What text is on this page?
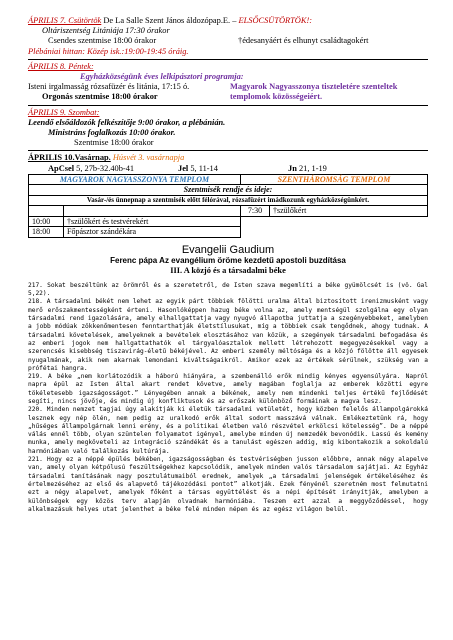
ÁPRILIS 7. Csütörtök De La Salle Szent János áldozópap.E. – ELSŐCSÜTÖRTÖK!:
Oltáriszentség Litániája 17:30 órakor
Csendes szentmise 18:00 órakor	†édesanyáért és elhunyt családtagokért
Plébániai hittan: Közép isk.:19:00-19:45 óráig.
ÁPRILIS 8. Péntek:
Egyházközségünk éves lelkipásztori programja:
Isteni irgalmasság rózsafüzér és litánia, 17:15 ó.
Orgonás szentmise 18:00 órakor
Magyarok Nagyasszonya tiszteletére szenteltek templomok közösségeiért.
ÁPRILIS 9. Szombat:
Leendő elsőáldozók felkészítője 9:00 órakor, a plébánián.
Ministráns foglalkozás 10:00 órakor.
Szentmise 18:00 órakor
ÁPRILIS 10.Vasárnap. Húsvét 3. vasárnapja
ApCsel 5, 27b-32.40b-41	Jel 5, 11-14	Jn 21, 1-19
MAGYAROK NAGYASSZONYA TEMPLOM		SZENTHÁROMSÁG TEMPLOM	
Szentmisék rendje és ideje:			
Vasár-/és ünnepnap a szentmisék előtt félórával, rózsafüzért imádkozunk egyházközségünkért.			
		7:30	†szülőkért
10:00	†szülőkért és testvérekért		
18:00	Főpásztor szándékára		
Evangelii Gaudium
Ferenc pápa Az evangélium öröme kezdetű apostoli buzdítása
III. A közjó és a társadalmi béke

217. Sokat beszéltünk az örömről és a szeretetről, de Isten szava megemlíti a béke gyümölcsét is (vö. Gal 5,22).

218. A társadalmi békét nem lehet az egyik párt többiek fölötti uralma által biztosított irenizmusként vagy merő erőszakmentességként érteni. Hasonlóképpen hazug béke volna az, amely mentségül szolgálna egy olyan társadalmi rend igazolására, amely elhallgattatja vagy nyugvó állapotba juttatja a szegényebbeket, amelyben a jobb módúak zökkenőmentesen fenntarthatják életstílusukat, míg a többiek csak tengődnek, ahogy tudnak. A társadalmi követelések, amelyeknek a bevételek elosztásához van közük, a szegények társadalmi befogadása és az emberi jogok nem hallgattathatók el tárgyalóasztalok mellett létrehozott megegyezésekkel vagy a szerencsés kisebbség tiszavirág-életű békéjével. Az emberi személy méltósága és a közjó fölötte áll egyesek nyugalmának, akik nem akarnak lemondani kiváltságaikról. Amikor ezek az értékek sérülnek, szükség van a prófétai hangra.

219. A béke „nem korlátozódik a háború hiányára, a szembenálló erők mindig kényes egyensúlyára. Napról napra épül az Isten által akart rendet követve, amely magában foglalja az emberek közötti egyre tökéletesebb igazságosságot.” Lényegében annak a békének, amely nem mindenki teljes értékű fejlődését segíti, nincs jövője, és mindig új konfliktusok és az erőszak különböző formáinak a magva lesz.

220. Minden nemzet tagjai úgy alakítják ki életük társadalmi vetületét, hogy közben felelős állampolgárokká lesznek egy nép ölén, nem pedig az uralkodó erők által sodort masszává válnak. Emlékeztetünk rá, hogy „hűséges állampolgárnak lenni erény, és a politikai életben való részvétel erkölcsi kötelesség”. De a néppé válás ennél több, olyan szüntelen folyamatot igényel, amelybe minden új nemzedék bevonódik. Lassú és kemény munka, amely megköveteli az integráció szándékát és a tanulást egészen addig, míg kibontakozik a sokoldalú harmóniában való találkozás kultúrája.

221. Hogy ez a néppé épülés békében, igazságosságban és testvériségben jusson előbbre, annak négy alapelve van, amely olyan kétpólusú feszültségekhez kapcsolódik, amelyek minden valós társadalom sajátjai. Az Egyház társadalmi tanításának nagy posztulátumaiból erednek, amelyek „a társadalmi jelenségek értékeléséhez és értelmezéséhez az első és alapvető tájékozódási pontot” alkotják. Ezek fényénél szeretném most felmutatni ezt a négy alapelvet, amelyek főként a társas együttélést és a népi építését irányítják, amelyben a különbségek egy közös terv alapján olvadnak harmóniába. Teszem ezt azzal a meggyőződéssel, hogy alkalmazásuk helyes utat jelenthet a béke felé minden népen és az egész világon belül.
